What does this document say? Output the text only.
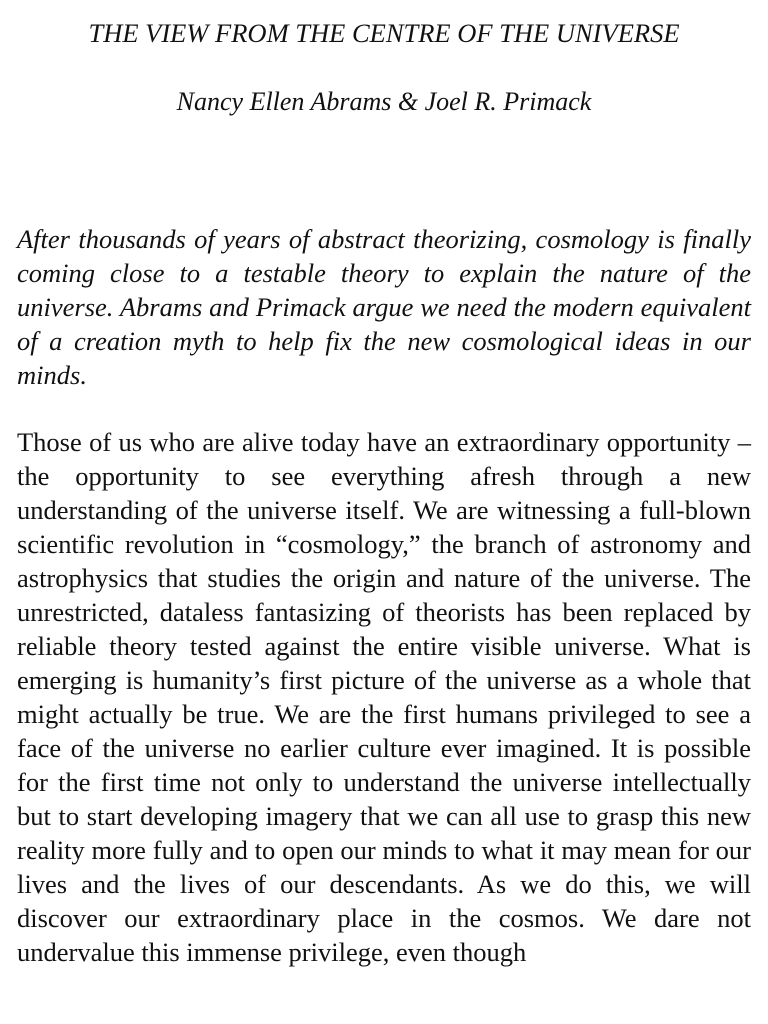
THE VIEW FROM THE CENTRE OF THE UNIVERSE

Nancy Ellen Abrams & Joel R. Primack

After thousands of years of abstract theorizing, cosmology is finally coming close to a testable theory to explain the nature of the universe. Abrams and Primack argue we need the modern equivalent of a creation myth to help fix the new cosmological ideas in our minds.

Those of us who are alive today have an extraordinary opportunity – the opportunity to see everything afresh through a new understanding of the universe itself. We are witnessing a full-blown scientific revolution in “cosmology,” the branch of astronomy and astrophysics that studies the origin and nature of the universe. The unrestricted, dataless fantasizing of theorists has been replaced by reliable theory tested against the entire visible universe. What is emerging is humanity’s first picture of the universe as a whole that might actually be true. We are the first humans privileged to see a face of the universe no earlier culture ever imagined. It is possible for the first time not only to understand the universe intellectually but to start developing imagery that we can all use to grasp this new reality more fully and to open our minds to what it may mean for our lives and the lives of our descendants. As we do this, we will discover our extraordinary place in the cosmos. We dare not undervalue this immense privilege, even though
